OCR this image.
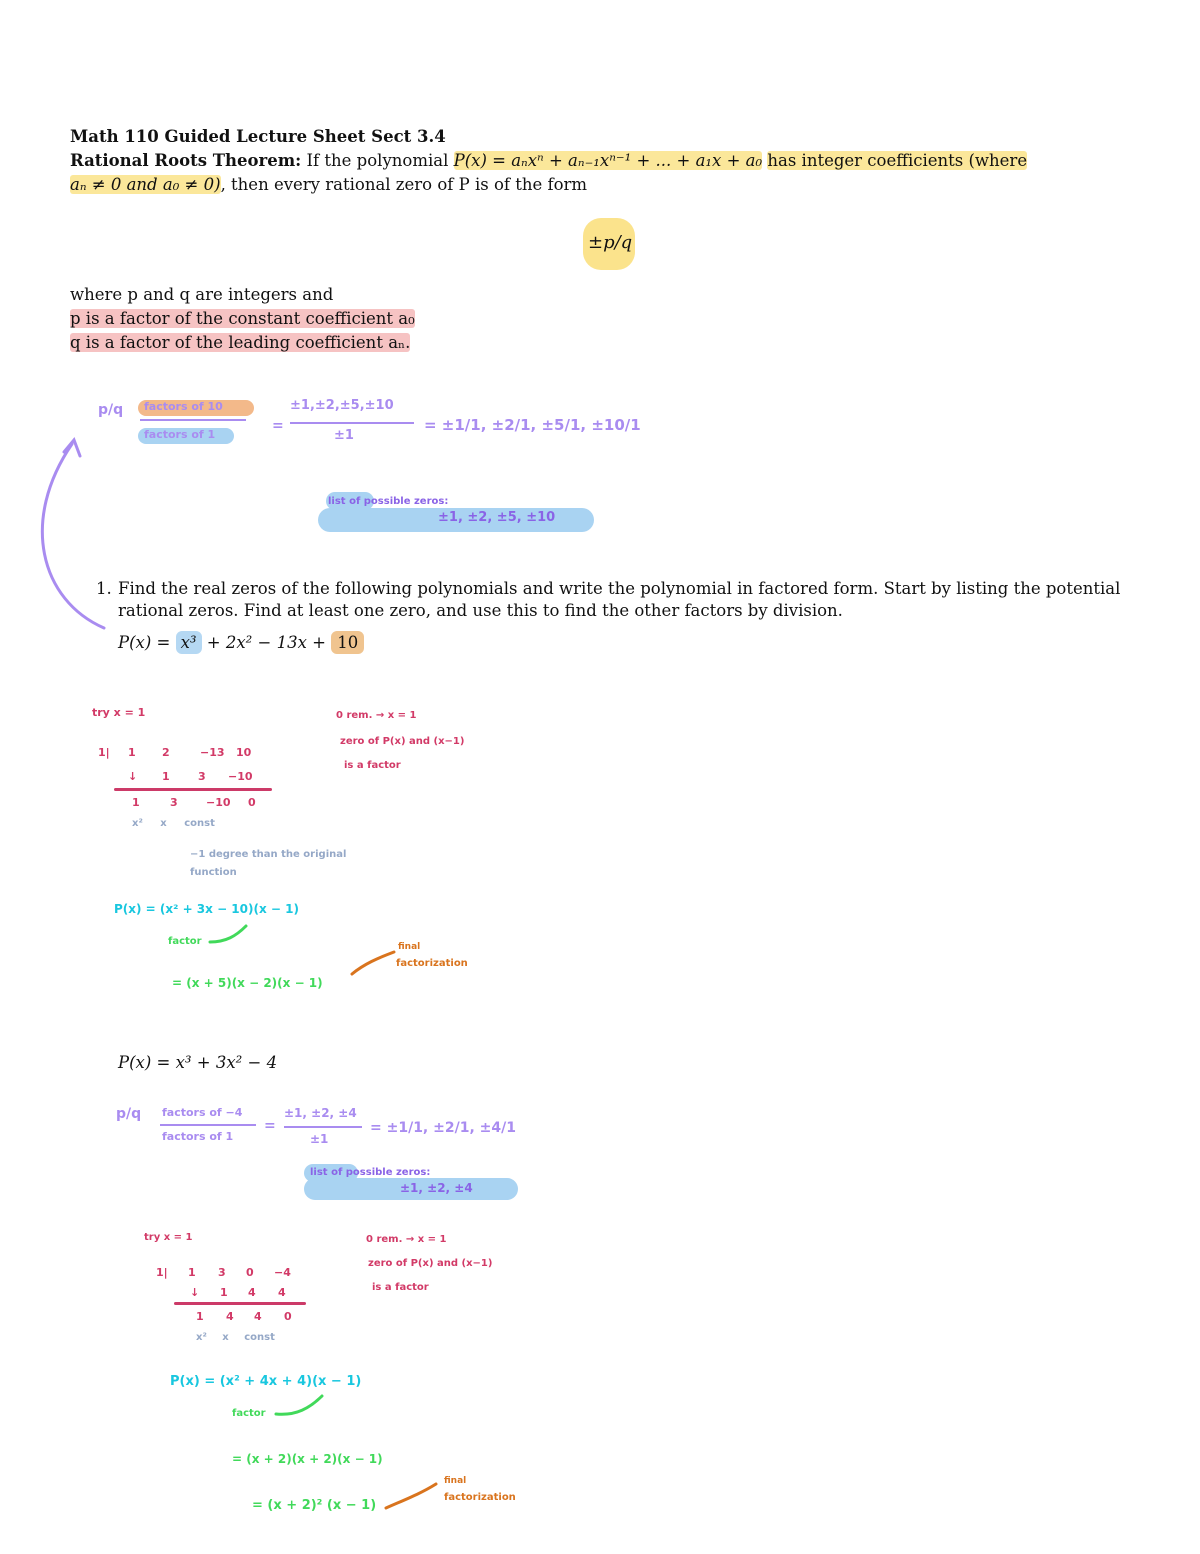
Math 110 Guided Lecture Sheet Sect 3.4
Rational Roots Theorem: If the polynomial P(x) = aₙxⁿ + aₙ₋₁xⁿ⁻¹ + ... + a₁x + a₀ has integer coefficients (where
aₙ ≠ 0 and a₀ ≠ 0), then every rational zero of P is of the form
±p/q
where p and q are integers and
p is a factor of the constant coefficient a₀
q is a factor of the leading coefficient aₙ.
p/q factors of 10
factors of 1
=
±1,±2,±5,±10
±1
= ±1/1, ±2/1, ±5/1, ±10/1
list of possible zeros:
±1, ±2, ±5, ±10
1. Find the real zeros of the following polynomials and write the polynomial in factored form. Start by listing the potential
rational zeros. Find at least one zero, and use this to find the other factors by division.
P(x) = x³ + 2x² − 13x + 10
try x = 1
1| 1 2	−13 10
↓ 1	3 −10
1	3	−10 0
x² x const
−1 degree than the original function
0 rem. → x = 1
zero of P(x) and (x−1)
is a factor
P(x) = (x² + 3x − 10)(x − 1)
factor
= (x + 5)(x − 2)(x − 1)
final
factorization
P(x) = x³ + 3x² − 4
p/q factors of −4
factors of 1
=
±1, ±2, ±4
±1
= ±1/1, ±2/1, ±4/1
list of possible zeros:
±1, ±2, ±4
try x = 1
1| 1 3 0 −4
↓ 1 4 4
1 4 4 0
x² x const
0 rem. → x = 1
zero of P(x) and (x−1)
is a factor
P(x) = (x² + 4x + 4)(x − 1)
factor
= (x + 2)(x + 2)(x − 1)
= (x + 2)² (x − 1)
final
factorization
